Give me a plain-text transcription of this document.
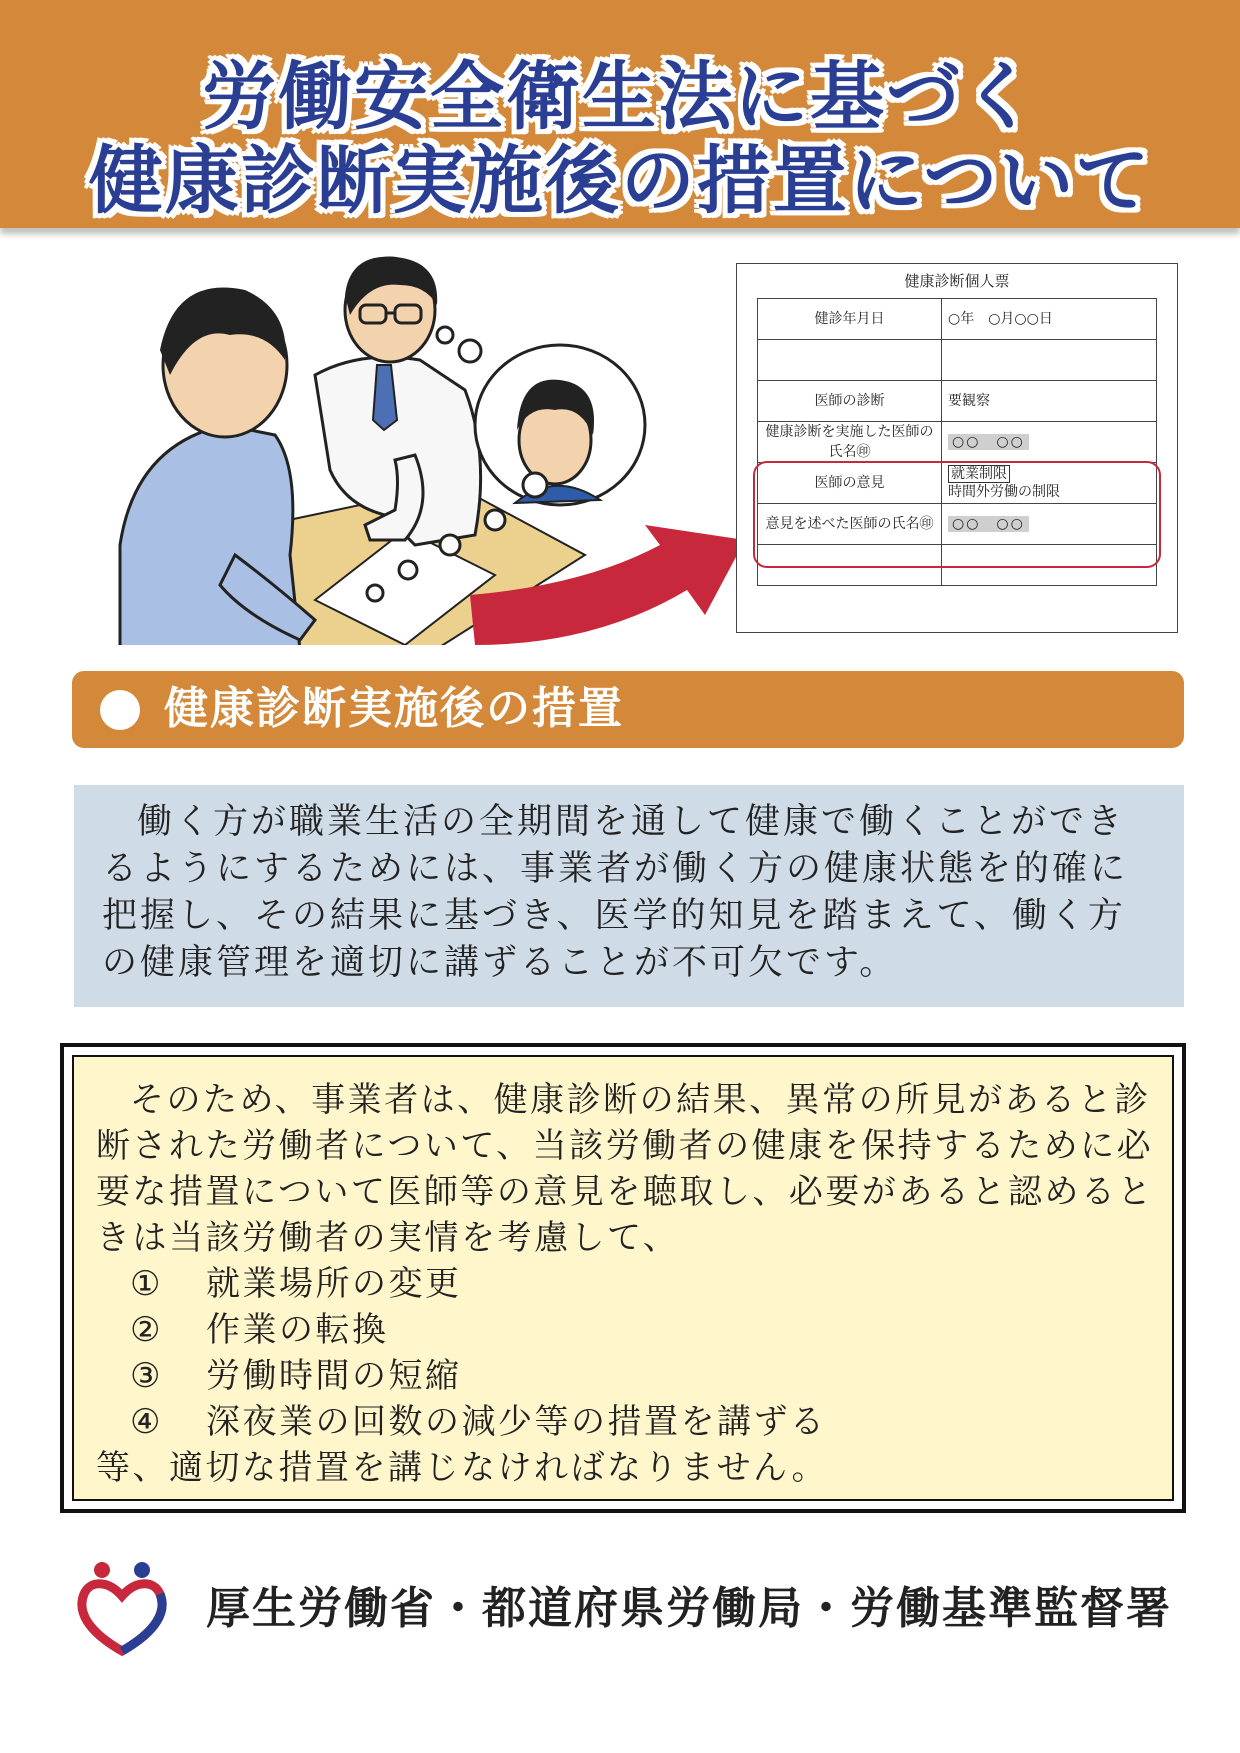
労働安全衛生法に基づく
健康診断実施後の措置について
健康診断個人票
健診年月日	○年　○月○○日

医師の診断	要観察
健康診断を実施した医師の氏名㊞	○○　○○
医師の意見	就業制限
時間外労働の制限
意見を述べた医師の氏名㊞	○○　○○

健康診断実施後の措置

働く方が職業生活の全期間を通して健康で働くことができるようにするためには、事業者が働く方の健康状態を的確に把握し、その結果に基づき、医学的知見を踏まえて、働く方の健康管理を適切に講ずることが不可欠です。

そのため、事業者は、健康診断の結果、異常の所見があると診断された労働者について、当該労働者の健康を保持するために必要な措置について医師等の意見を聴取し、必要があると認めるときは当該労働者の実情を考慮して、

① 就業場所の変更

② 作業の転換

③ 労働時間の短縮

④ 深夜業の回数の減少等の措置を講ずる

等、適切な措置を講じなければなりません。

厚生労働省・都道府県労働局・労働基準監督署
